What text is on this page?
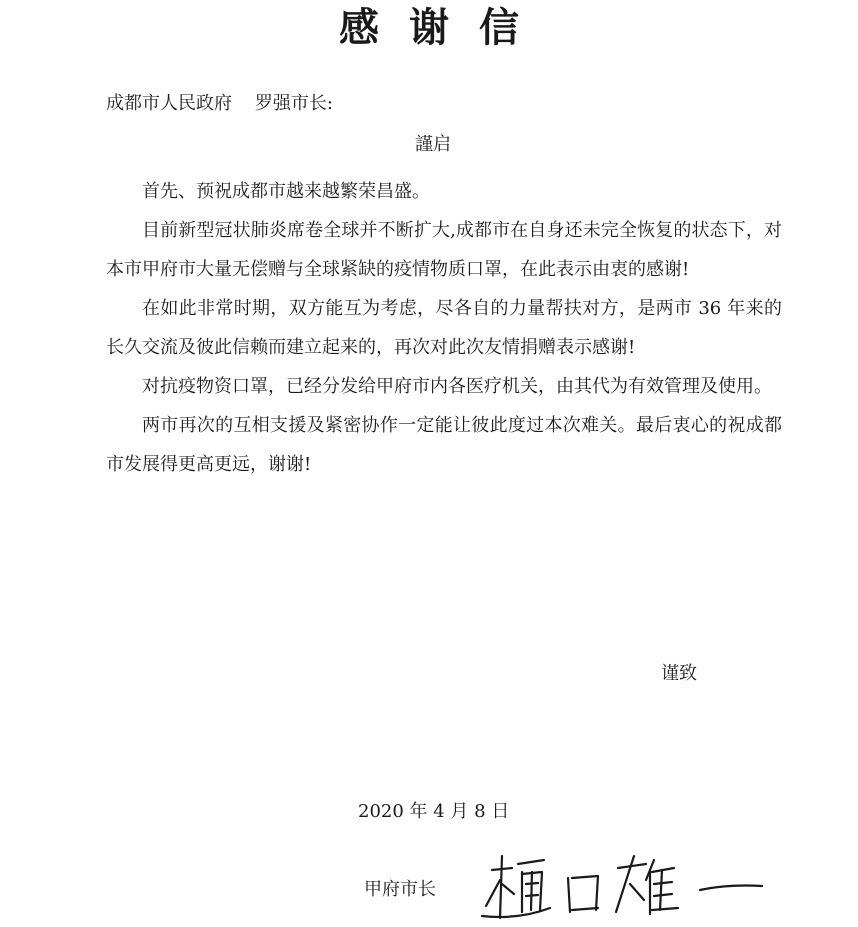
感谢信
成都市人民政府    罗强市长:
謹启

首先、预祝成都市越来越繁荣昌盛。

目前新型冠状肺炎席卷全球并不断扩大,成都市在自身还未完全恢复的状态下，对本市甲府市大量无偿赠与全球紧缺的疫情物质口罩，在此表示由衷的感谢!

在如此非常时期，双方能互为考虑，尽各自的力量帮扶对方，是两市 36 年来的长久交流及彼此信赖而建立起来的，再次对此次友情捐赠表示感谢!

对抗疫物资口罩，已经分发给甲府市内各医疗机关，由其代为有效管理及使用。

两市再次的互相支援及紧密协作一定能让彼此度过本次难关。最后衷心的祝成都市发展得更高更远，谢谢!

谨致
2020 年 4 月 8 日
甲府市长
